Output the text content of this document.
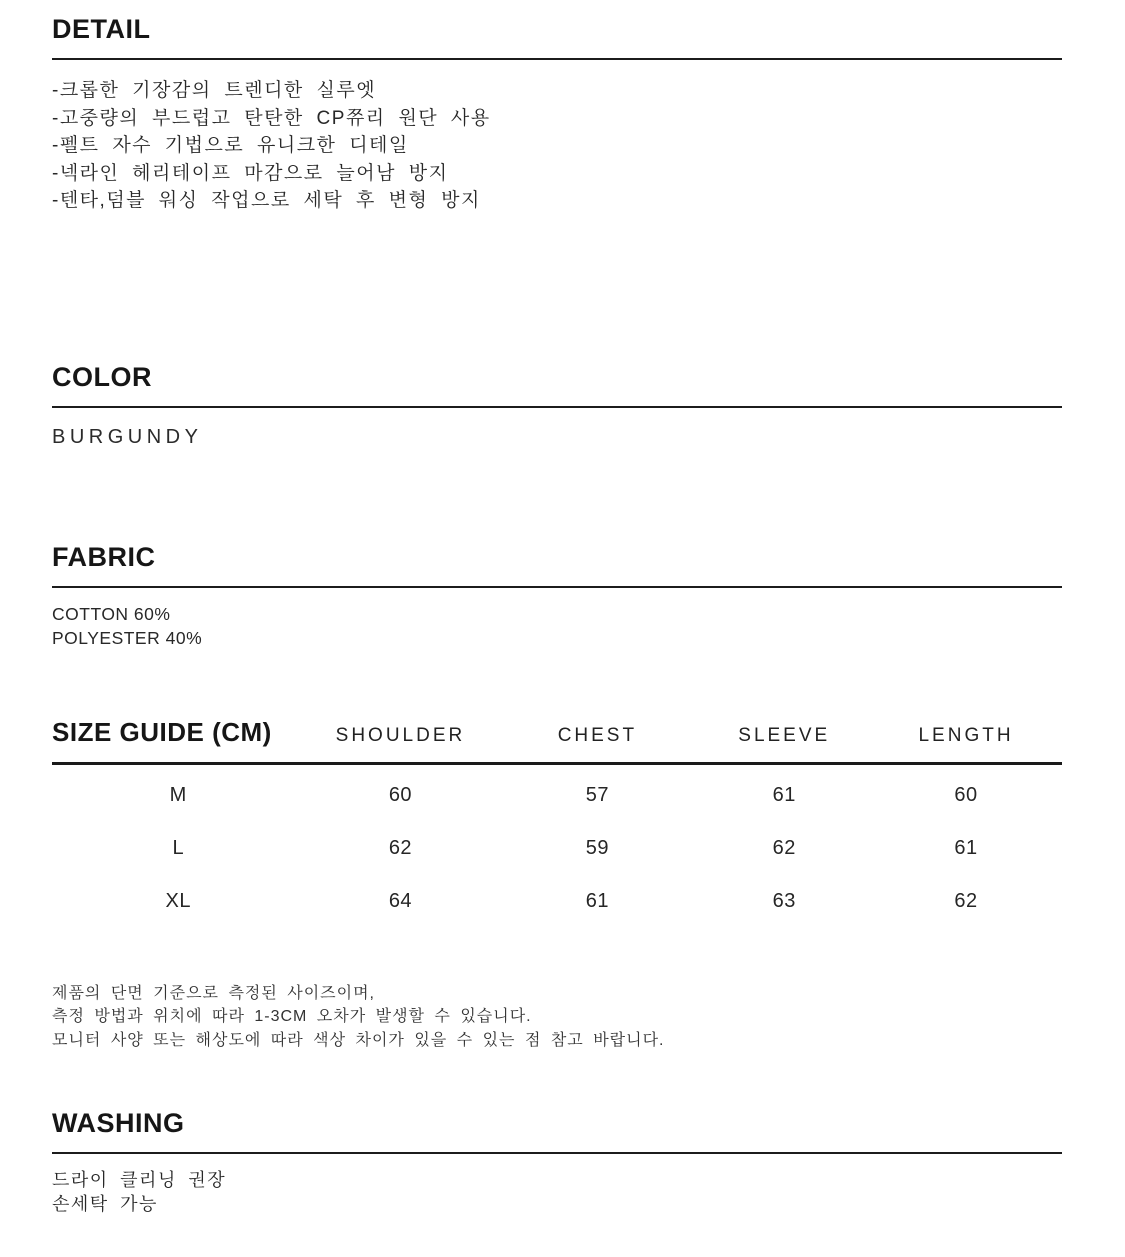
DETAIL
-크롭한 기장감의 트렌디한 실루엣
-고중량의 부드럽고 탄탄한 CP쮸리 원단 사용
-펠트 자수 기법으로 유니크한 디테일
-넥라인 헤리테이프 마감으로 늘어남 방지
-텐타,덤블 워싱 작업으로 세탁 후 변형 방지
COLOR
BURGUNDY
FABRIC
COTTON 60%
POLYESTER 40%
SIZE GUIDE (CM)	SHOULDER	CHEST	SLEEVE	LENGTH
M	60	57	61	60
L	62	59	62	61
XL	64	61	63	62
제품의 단면 기준으로 측정된 사이즈이며,
측정 방법과 위치에 따라 1-3CM 오차가 발생할 수 있습니다.
모니터 사양 또는 해상도에 따라 색상 차이가 있을 수 있는 점 참고 바랍니다.
WASHING
드라이 클리닝 권장
손세탁 가능
